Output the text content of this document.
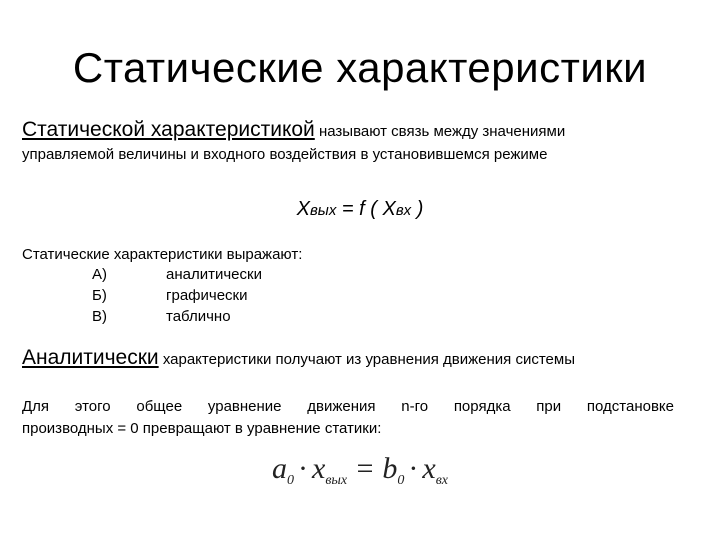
Статические характеристики
Статической характеристикой называют связь между значениями
управляемой величины и входного воздействия в установившемся режиме
Xвых = f ( Xвх )
Статические характеристики выражают:
А)	аналитически
Б)	графически
В)	таблично
Аналитически характеристики получают из уравнения движения системы
Для этого общее уравнение движения n-го порядка при подстановке
производных = 0 превращают в уравнение статики:
$a_0 \cdot x_{вых} = b_0 \cdot x_{вх}$
